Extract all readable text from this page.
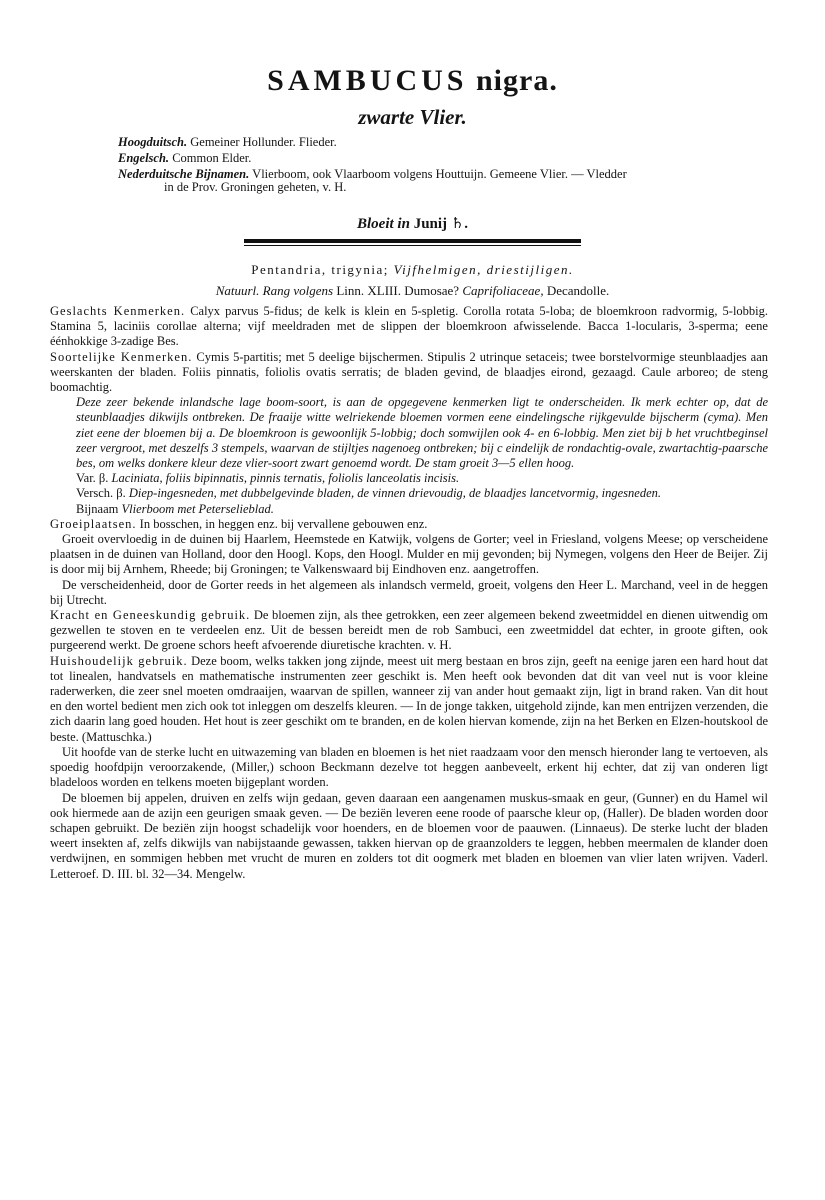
SAMBUCUS nigra.
zwarte Vlier.
Hoogduitsch. Gemeiner Hollunder. Flieder.
Engelsch. Common Elder.
Nederduitsche Bijnamen. Vlierboom, ook Vlaarboom volgens Houttuijn. Gemeene Vlier. — Vledder
in de Prov. Groningen geheten, v. H.
Bloeit in Junij ♄.
Pentandria, trigynia; Vijfhelmigen, driestijligen.
Natuurl. Rang volgens Linn. XLIII. Dumosae? Caprifoliaceae, Decandolle.

Geslachts Kenmerken. Calyx parvus 5-fidus; de kelk is klein en 5-spletig. Corolla rotata 5-loba; de bloemkroon radvormig, 5-lobbig. Stamina 5, laciniis corollae alterna; vijf meeldraden met de slippen der bloemkroon afwisselende. Bacca 1-locularis, 3-sperma; eene éénhokkige 3-zadige Bes.

Soortelijke Kenmerken. Cymis 5-partitis; met 5 deelige bijschermen. Stipulis 2 utrinque setaceis; twee borstelvormige steunblaadjes aan weerskanten der bladen. Foliis pinnatis, foliolis ovatis serratis; de bladen gevind, de blaadjes eirond, gezaagd. Caule arboreo; de steng boomachtig.

Deze zeer bekende inlandsche lage boom-soort, is aan de opgegevene kenmerken ligt te onderscheiden. Ik merk echter op, dat de steunblaadjes dikwijls ontbreken. De fraaije witte welriekende bloemen vormen eene eindelingsche rijkgevulde bijscherm (cyma). Men ziet eene der bloemen bij a. De bloemkroon is gewoonlijk 5-lobbig; doch somwijlen ook 4- en 6-lobbig. Men ziet bij b het vruchtbeginsel zeer vergroot, met deszelfs 3 stempels, waarvan de stijltjes nagenoeg ontbreken; bij c eindelijk de rondachtig-ovale, zwartachtig-paarsche bes, om welks donkere kleur deze vlier-soort zwart genoemd wordt. De stam groeit 3—5 ellen hoog.

Var. β. Laciniata, foliis bipinnatis, pinnis ternatis, foliolis lanceolatis incisis.

Versch. β. Diep-ingesneden, met dubbelgevinde bladen, de vinnen drievoudig, de blaadjes lancetvormig, ingesneden.

Bijnaam Vlierboom met Peterselieblad.

Groeiplaatsen. In bosschen, in heggen enz. bij vervallene gebouwen enz.

Groeit overvloedig in de duinen bij Haarlem, Heemstede en Katwijk, volgens de Gorter; veel in Friesland, volgens Meese; op verscheidene plaatsen in de duinen van Holland, door den Hoogl. Kops, den Hoogl. Mulder en mij gevonden; bij Nymegen, volgens den Heer de Beijer. Zij is door mij bij Arnhem, Rheede; bij Groningen; te Valkenswaard bij Eindhoven enz. aangetroffen.

De verscheidenheid, door de Gorter reeds in het algemeen als inlandsch vermeld, groeit, volgens den Heer L. Marchand, veel in de heggen bij Utrecht.

Kracht en Geneeskundig gebruik. De bloemen zijn, als thee getrokken, een zeer algemeen bekend zweetmiddel en dienen uitwendig om gezwellen te stoven en te verdeelen enz. Uit de bessen bereidt men de rob Sambuci, een zweetmiddel dat echter, in groote giften, ook purgeerend werkt. De groene schors heeft afvoerende diuretische krachten. v. H.

Huishoudelijk gebruik. Deze boom, welks takken jong zijnde, meest uit merg bestaan en bros zijn, geeft na eenige jaren een hard hout dat tot linealen, handvatsels en mathematische instrumenten zeer geschikt is. Men heeft ook bevonden dat dit van veel nut is voor kleine raderwerken, die zeer snel moeten omdraaijen, waarvan de spillen, wanneer zij van ander hout gemaakt zijn, ligt in brand raken. Van dit hout en den wortel bedient men zich ook tot inleggen om deszelfs kleuren. — In de jonge takken, uitgehold zijnde, kan men entrijzen verzenden, die zich daarin lang goed houden. Het hout is zeer geschikt om te branden, en de kolen hiervan komende, zijn na het Berken en Elzen-houtskool de beste. (Mattuschka.)

Uit hoofde van de sterke lucht en uitwazeming van bladen en bloemen is het niet raadzaam voor den mensch hieronder lang te vertoeven, als spoedig hoofdpijn veroorzakende, (Miller,) schoon Beckmann dezelve tot heggen aanbeveelt, erkent hij echter, dat zij van onderen ligt bladeloos worden en telkens moeten bijgeplant worden.

De bloemen bij appelen, druiven en zelfs wijn gedaan, geven daaraan een aangenamen muskus-smaak en geur, (Gunner) en du Hamel wil ook hiermede aan de azijn een geurigen smaak geven. — De beziën leveren eene roode of paarsche kleur op, (Haller). De bladen worden door schapen gebruikt. De beziën zijn hoogst schadelijk voor hoenders, en de bloemen voor de paauwen. (Linnaeus). De sterke lucht der bladen weert insekten af, zelfs dikwijls van nabijstaande gewassen, takken hiervan op de graanzolders te leggen, hebben meermalen de klander doen verdwijnen, en sommigen hebben met vrucht de muren en zolders tot dit oogmerk met bladen en bloemen van vlier laten wrijven. Vaderl. Letteroef. D. III. bl. 32—34. Mengelw.
